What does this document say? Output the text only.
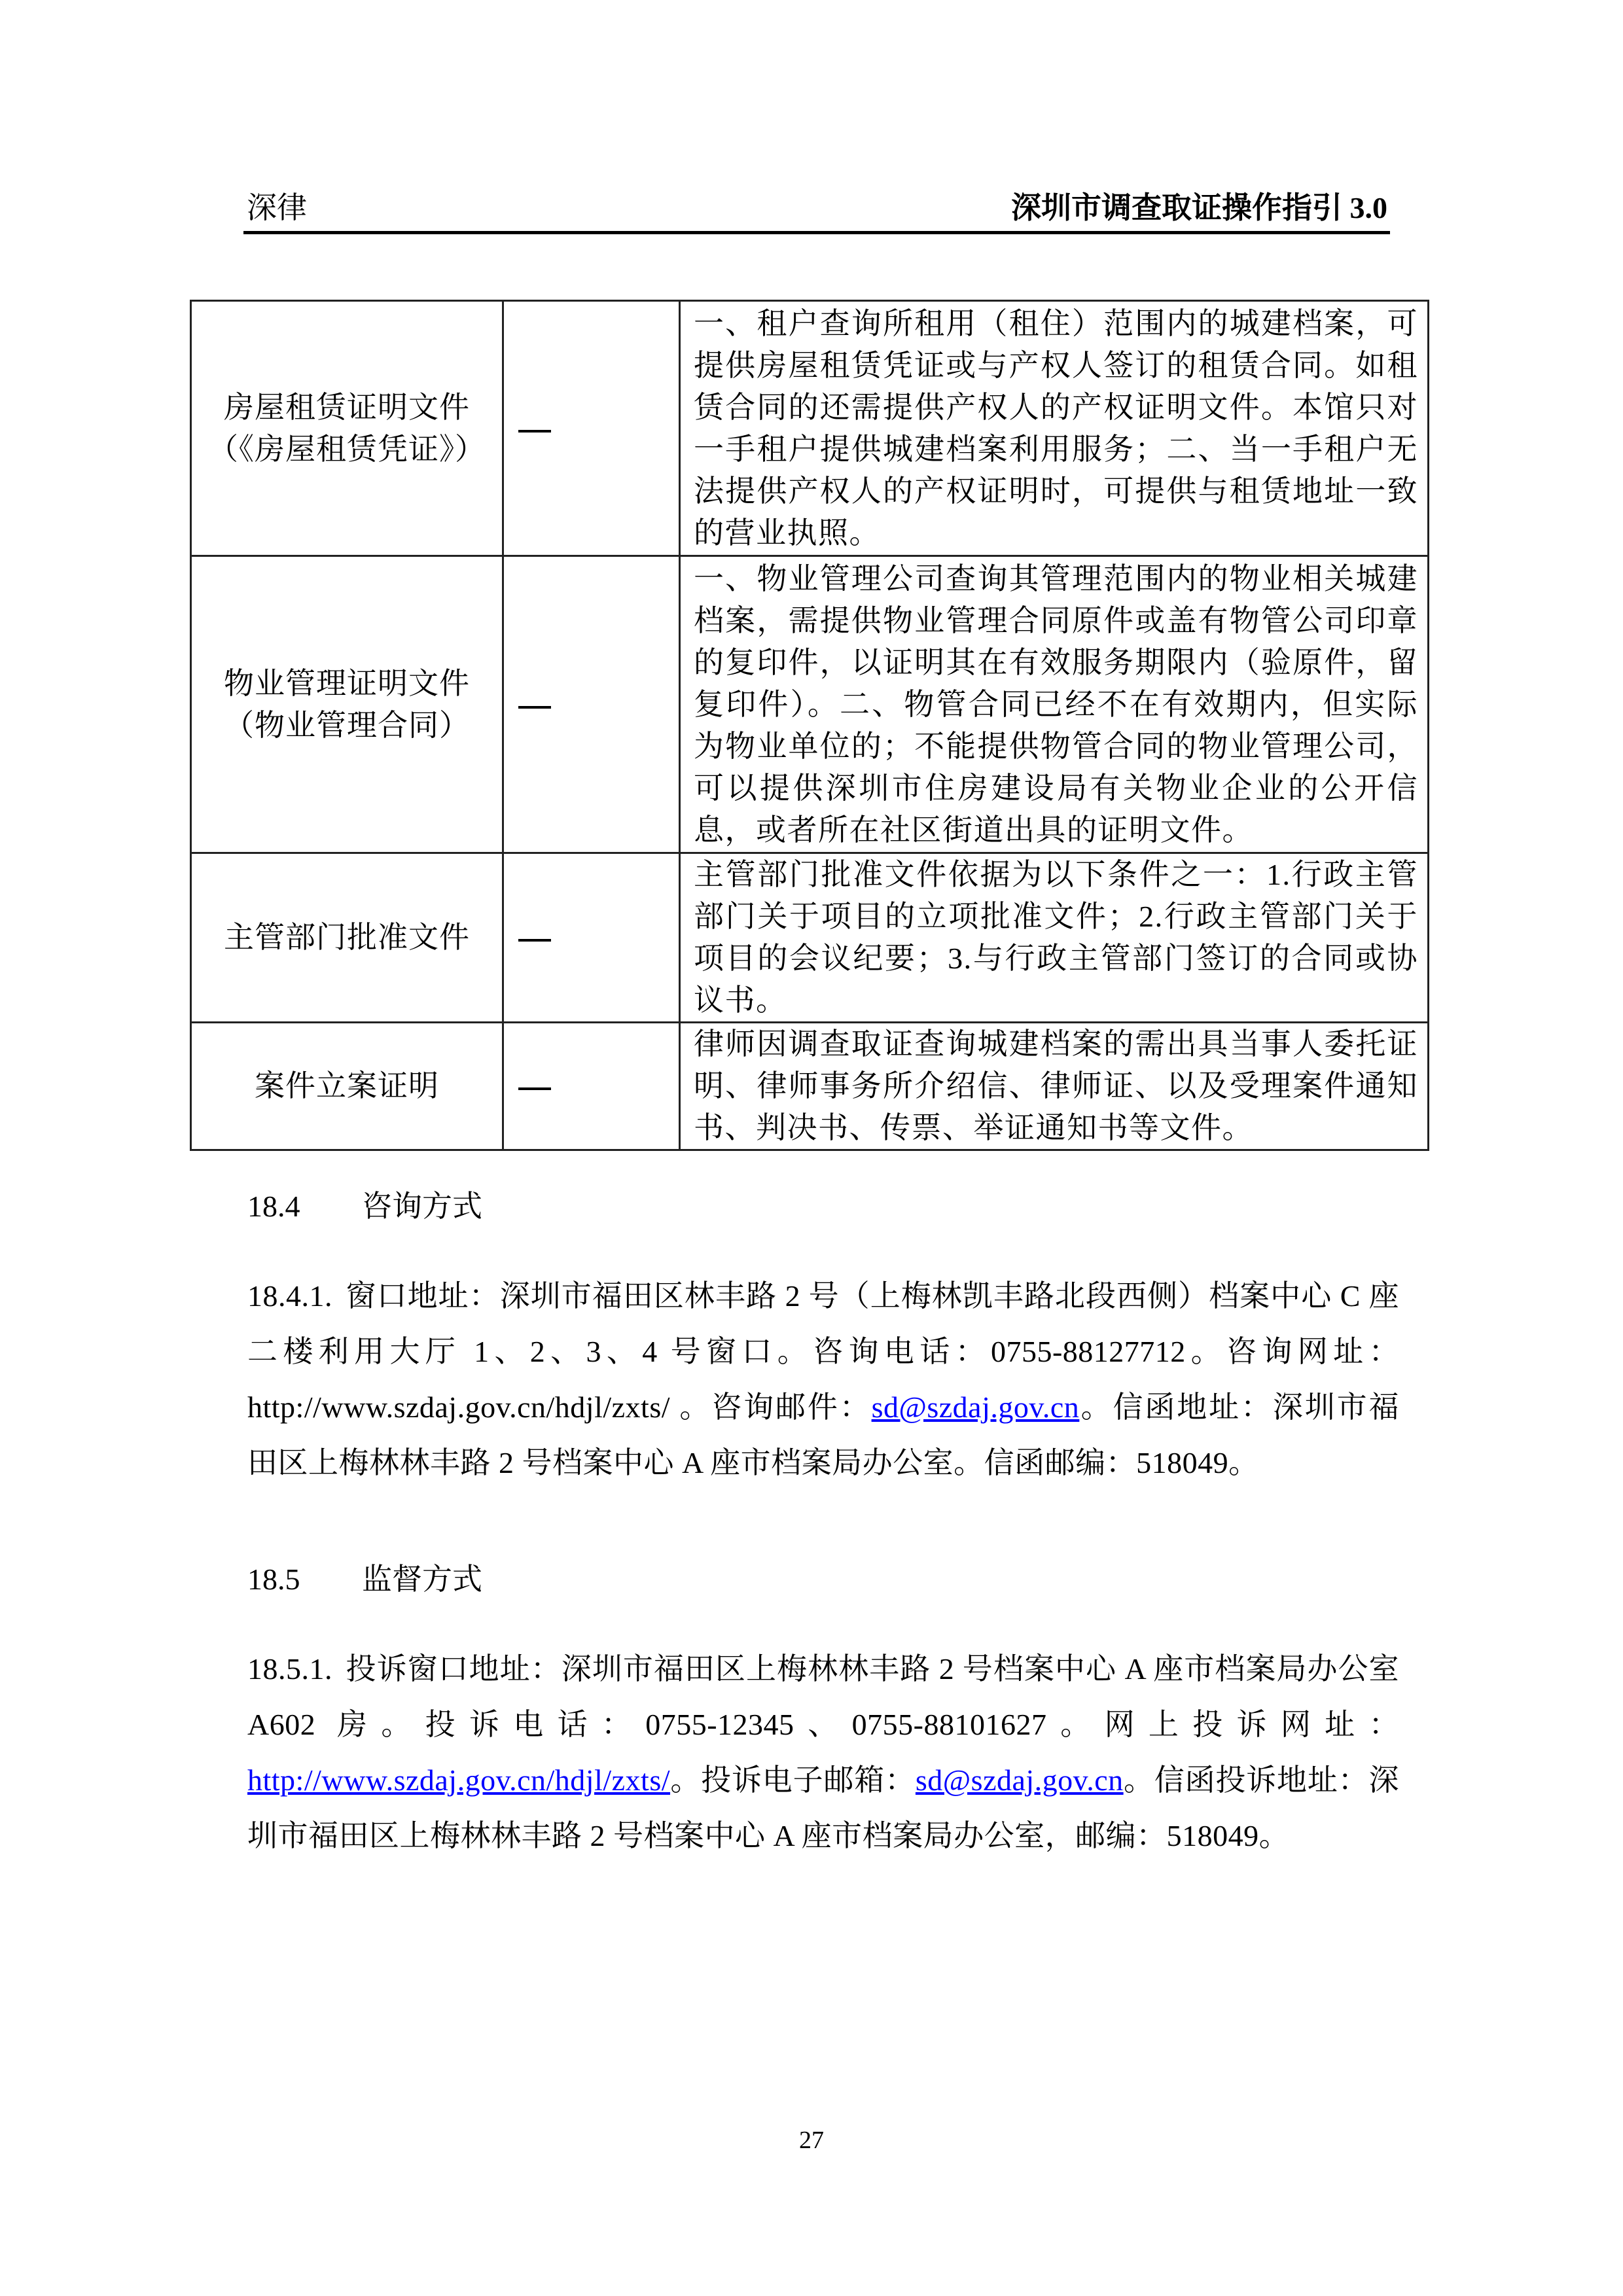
深律	深圳市调查取证操作指引 3.0
房屋租赁证明文件
（《房屋租赁凭证》）		一、租户查询所租用（租住）范围内的城建档案，可提供房屋租赁凭证或与产权人签订的租赁合同。如租赁合同的还需提供产权人的产权证明文件。本馆只对一手租户提供城建档案利用服务；二、当一手租户无法提供产权人的产权证明时，可提供与租赁地址一致的营业执照。

物业管理证明文件
（物业管理合同）		一、物业管理公司查询其管理范围内的物业相关城建档案，需提供物业管理合同原件或盖有物管公司印章的复印件，以证明其在有效服务期限内（验原件，留复印件）。二、物管合同已经不在有效期内，但实际为物业单位的；不能提供物管合同的物业管理公司，可以提供深圳市住房建设局有关物业企业的公开信息，或者所在社区街道出具的证明文件。
主管部门批准文件		主管部门批准文件依据为以下条件之一：1.行政主管部门关于项目的立项批准文件；2.行政主管部门关于项目的会议纪要；3.与行政主管部门签订的合同或协议书。
案件立案证明		律师因调查取证查询城建档案的需出具当事人委托证明、律师事务所介绍信、律师证、以及受理案件通知书、判决书、传票、举证通知书等文件。
18.4 咨询方式
18.4.1. 窗口地址：深圳市福田区林丰路 2 号（上梅林凯丰路北段西侧）档案中心 C 座二楼利用大厅 1、2、3、4 号窗口。咨询电话：0755-88127712。咨询网址：http://www.szdaj.gov.cn/hdjl/zxts/ 。咨询邮件：sd@szdaj.gov.cn。信函地址：深圳市福田区上梅林林丰路 2 号档案中心 A 座市档案局办公室。信函邮编：518049。
18.5 监督方式
18.5.1. 投诉窗口地址：深圳市福田区上梅林林丰路 2 号档案中心 A 座市档案局办公室 A602 房。投诉电话：0755-12345、0755-88101627。网上投诉网址：http://www.szdaj.gov.cn/hdjl/zxts/。投诉电子邮箱：sd@szdaj.gov.cn。信函投诉地址：深圳市福田区上梅林林丰路 2 号档案中心 A 座市档案局办公室，邮编：518049。
27
